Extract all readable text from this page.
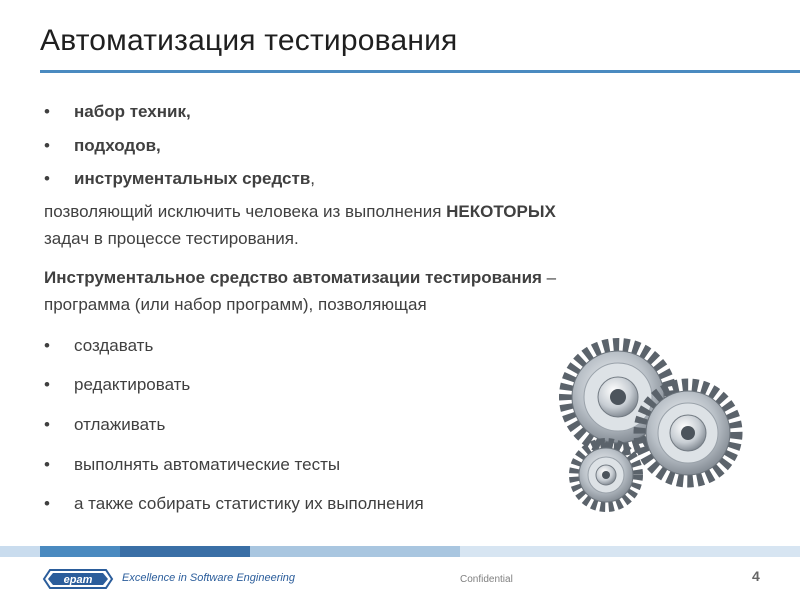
Автоматизация тестирования
• набор техник,
• подходов,
• инструментальных средств,
позволяющий исключить человека из выполнения НЕКОТОРЫХ
задач в процессе тестирования.
Инструментальное средство автоматизации тестирования –
программа (или набор программ), позволяющая
• создавать
• редактировать
• отлаживать
• выполнять автоматические тесты
• а также собирать статистику их выполнения
epam	Excellence in Software Engineering	Confidential	4
